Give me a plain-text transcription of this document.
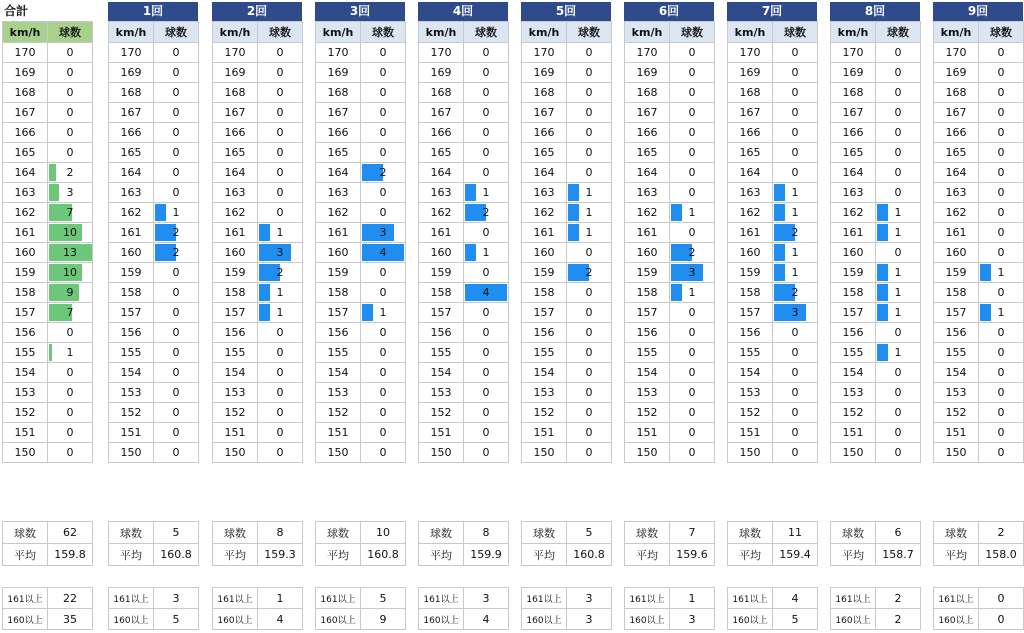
合計
km/h	球数
170	0
169	0
168	0
167	0
166	0
165	0
164	2
163	3
162	7
161	10
160	13
159	10
158	9
157	7
156	0
155	1
154	0
153	0
152	0
151	0
150	0
球数	62
平均	159.8
161以上	22
160以上	35
1回
km/h	球数
170	0
169	0
168	0
167	0
166	0
165	0
164	0
163	0
162	1
161	2
160	2
159	0
158	0
157	0
156	0
155	0
154	0
153	0
152	0
151	0
150	0
球数	5
平均	160.8
161以上	3
160以上	5
2回
km/h	球数
170	0
169	0
168	0
167	0
166	0
165	0
164	0
163	0
162	0
161	1
160	3
159	2
158	1
157	1
156	0
155	0
154	0
153	0
152	0
151	0
150	0
球数	8
平均	159.3
161以上	1
160以上	4
3回
km/h	球数
170	0
169	0
168	0
167	0
166	0
165	0
164	2
163	0
162	0
161	3
160	4
159	0
158	0
157	1
156	0
155	0
154	0
153	0
152	0
151	0
150	0
球数	10
平均	160.8
161以上	5
160以上	9
4回
km/h	球数
170	0
169	0
168	0
167	0
166	0
165	0
164	0
163	1
162	2
161	0
160	1
159	0
158	4
157	0
156	0
155	0
154	0
153	0
152	0
151	0
150	0
球数	8
平均	159.9
161以上	3
160以上	4
5回
km/h	球数
170	0
169	0
168	0
167	0
166	0
165	0
164	0
163	1
162	1
161	1
160	0
159	2
158	0
157	0
156	0
155	0
154	0
153	0
152	0
151	0
150	0
球数	5
平均	160.8
161以上	3
160以上	3
6回
km/h	球数
170	0
169	0
168	0
167	0
166	0
165	0
164	0
163	0
162	1
161	0
160	2
159	3
158	1
157	0
156	0
155	0
154	0
153	0
152	0
151	0
150	0
球数	7
平均	159.6
161以上	1
160以上	3
7回
km/h	球数
170	0
169	0
168	0
167	0
166	0
165	0
164	0
163	1
162	1
161	2
160	1
159	1
158	2
157	3
156	0
155	0
154	0
153	0
152	0
151	0
150	0
球数	11
平均	159.4
161以上	4
160以上	5
8回
km/h	球数
170	0
169	0
168	0
167	0
166	0
165	0
164	0
163	0
162	1
161	1
160	0
159	1
158	1
157	1
156	0
155	1
154	0
153	0
152	0
151	0
150	0
球数	6
平均	158.7
161以上	2
160以上	2
9回
km/h	球数
170	0
169	0
168	0
167	0
166	0
165	0
164	0
163	0
162	0
161	0
160	0
159	1
158	0
157	1
156	0
155	0
154	0
153	0
152	0
151	0
150	0
球数	2
平均	158.0
161以上	0
160以上	0
